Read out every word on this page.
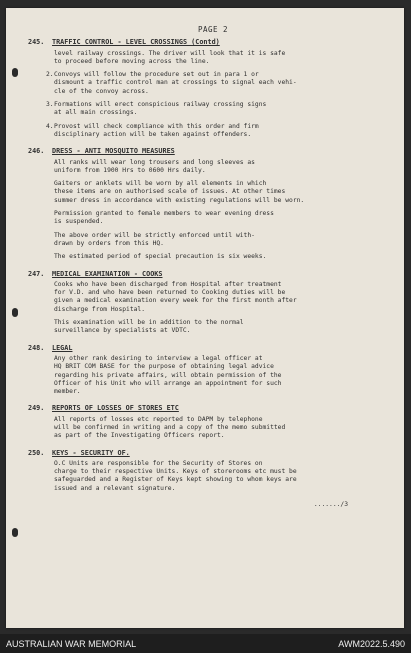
PAGE 2
245.	TRAFFIC CONTROL - LEVEL CROSSINGS (Contd)
level railway crossings. The driver will look that it is safe
to proceed before moving across the line.
2. Convoys will follow the procedure set out in para 1 or
dismount a traffic control man at crossings to signal each vehi-
cle of the convoy across.
3. Formations will erect conspicious railway crossing signs
at all main crossings.
4. Provost will check compliance with this order and firm
disciplinary action will be taken against offenders.
246.	DRESS - ANTI MOSQUITO MEASURES
All ranks will wear long trousers and long sleeves as
uniform from 1900 Hrs to 0600 Hrs daily.
Gaiters or anklets will be worn by all elements in which
these items are on authorised scale of issues. At other times
summer dress in accordance with existing regulations will be worn.
Permission granted to female members to wear evening dress
is suspended.
The above order will be strictly enforced until with-
drawn by orders from this HQ.
The estimated period of special precaution is six weeks.
247.	MEDICAL EXAMINATION - COOKS
Cooks who have been discharged from Hospital after treatment
for V.D. and who have been returned to Cooking duties will be
given a medical examination every week for the first month after
discharge from Hospital.
This examination will be in addition to the normal
surveillance by specialists at VDTC.
248.	LEGAL
Any other rank desiring to interview a legal officer at
HQ BRIT COM BASE for the purpose of obtaining legal advice
regarding his private affairs, will obtain permission of the
Officer of his Unit who will arrange an appointment for such
member.
249.	REPORTS OF LOSSES OF STORES ETC
All reports of losses etc reported to DAPM by telephone
will be confirmed in writing and a copy of the memo submitted
as part of the Investigating Officers report.
250.	KEYS - SECURITY OF.
O.C Units are responsible for the Security of Stores on
charge to their respective Units. Keys of storerooms etc must be
safeguarded and a Register of Keys kept showing to whom keys are
issued and a relevant signature.
......./3
AUSTRALIAN WAR MEMORIAL	AWM2022.5.490
